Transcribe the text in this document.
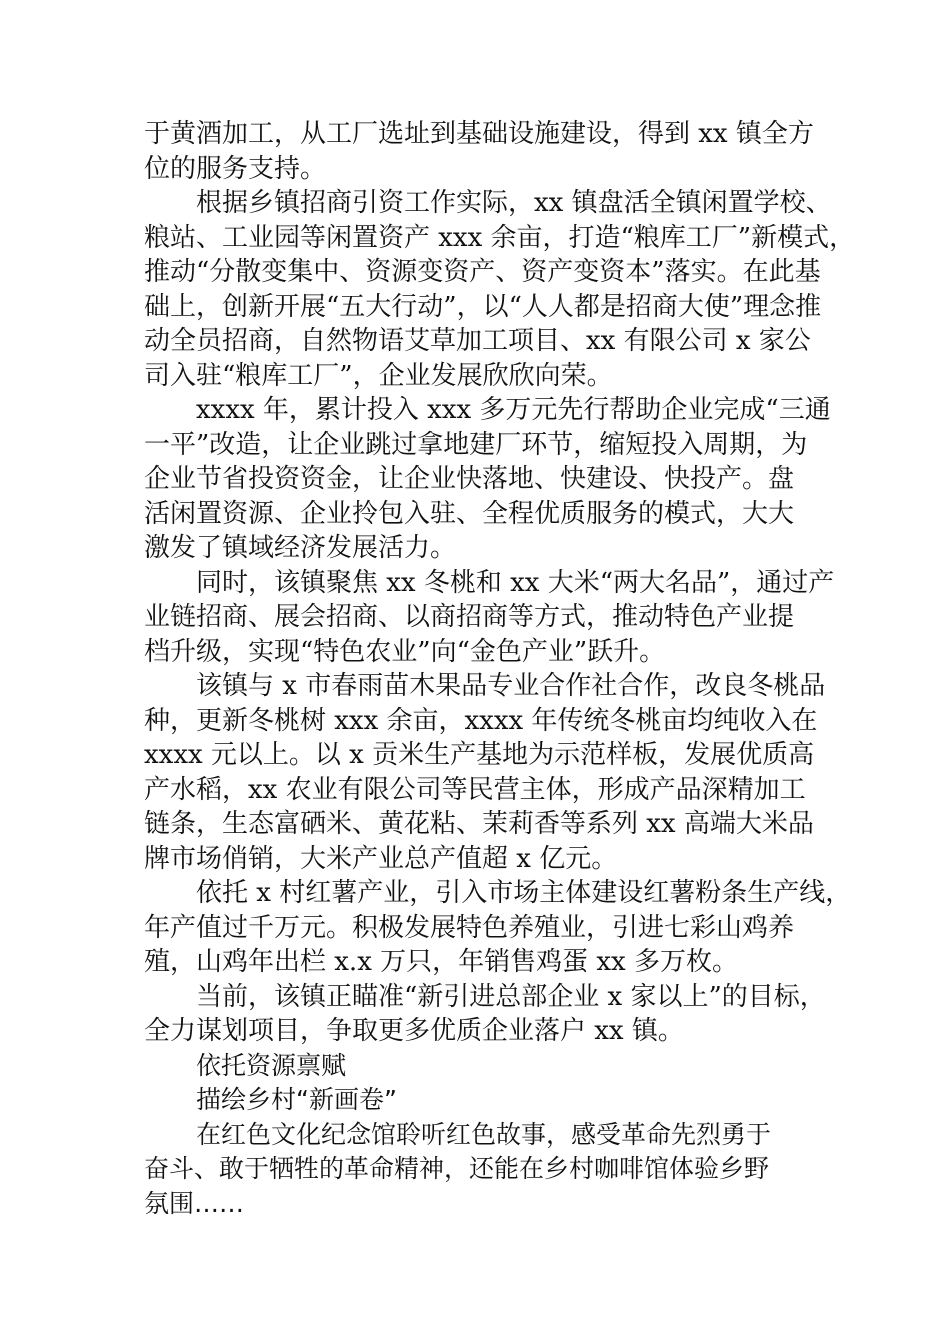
于黄酒加工，从工厂选址到基础设施建设，得到 xx 镇全方
位的服务支持。
根据乡镇招商引资工作实际，xx 镇盘活全镇闲置学校、
粮站、工业园等闲置资产 xxx 余亩，打造“粮库工厂”新模式，
推动“分散变集中、资源变资产、资产变资本”落实。在此基
础上，创新开展“五大行动”，以“人人都是招商大使”理念推
动全员招商，自然物语艾草加工项目、xx 有限公司 x 家公
司入驻“粮库工厂”，企业发展欣欣向荣。
xxxx 年，累计投入 xxx 多万元先行帮助企业完成“三通
一平”改造，让企业跳过拿地建厂环节，缩短投入周期，为
企业节省投资资金，让企业快落地、快建设、快投产。盘
活闲置资源、企业拎包入驻、全程优质服务的模式，大大
激发了镇域经济发展活力。
同时，该镇聚焦 xx 冬桃和 xx 大米“两大名品”，通过产
业链招商、展会招商、以商招商等方式，推动特色产业提
档升级，实现“特色农业”向“金色产业”跃升。
该镇与 x 市春雨苗木果品专业合作社合作，改良冬桃品
种，更新冬桃树 xxx 余亩，xxxx 年传统冬桃亩均纯收入在
xxxx 元以上。以 x 贡米生产基地为示范样板，发展优质高
产水稻，xx 农业有限公司等民营主体，形成产品深精加工
链条，生态富硒米、黄花粘、茉莉香等系列 xx 高端大米品
牌市场俏销，大米产业总产值超 x 亿元。
依托 x 村红薯产业，引入市场主体建设红薯粉条生产线，
年产值过千万元。积极发展特色养殖业，引进七彩山鸡养
殖，山鸡年出栏 x.x 万只，年销售鸡蛋 xx 多万枚。
当前，该镇正瞄准“新引进总部企业 x 家以上”的目标，
全力谋划项目，争取更多优质企业落户 xx 镇。
依托资源禀赋
描绘乡村“新画卷”
在红色文化纪念馆聆听红色故事，感受革命先烈勇于
奋斗、敢于牺牲的革命精神，还能在乡村咖啡馆体验乡野
氛围……
